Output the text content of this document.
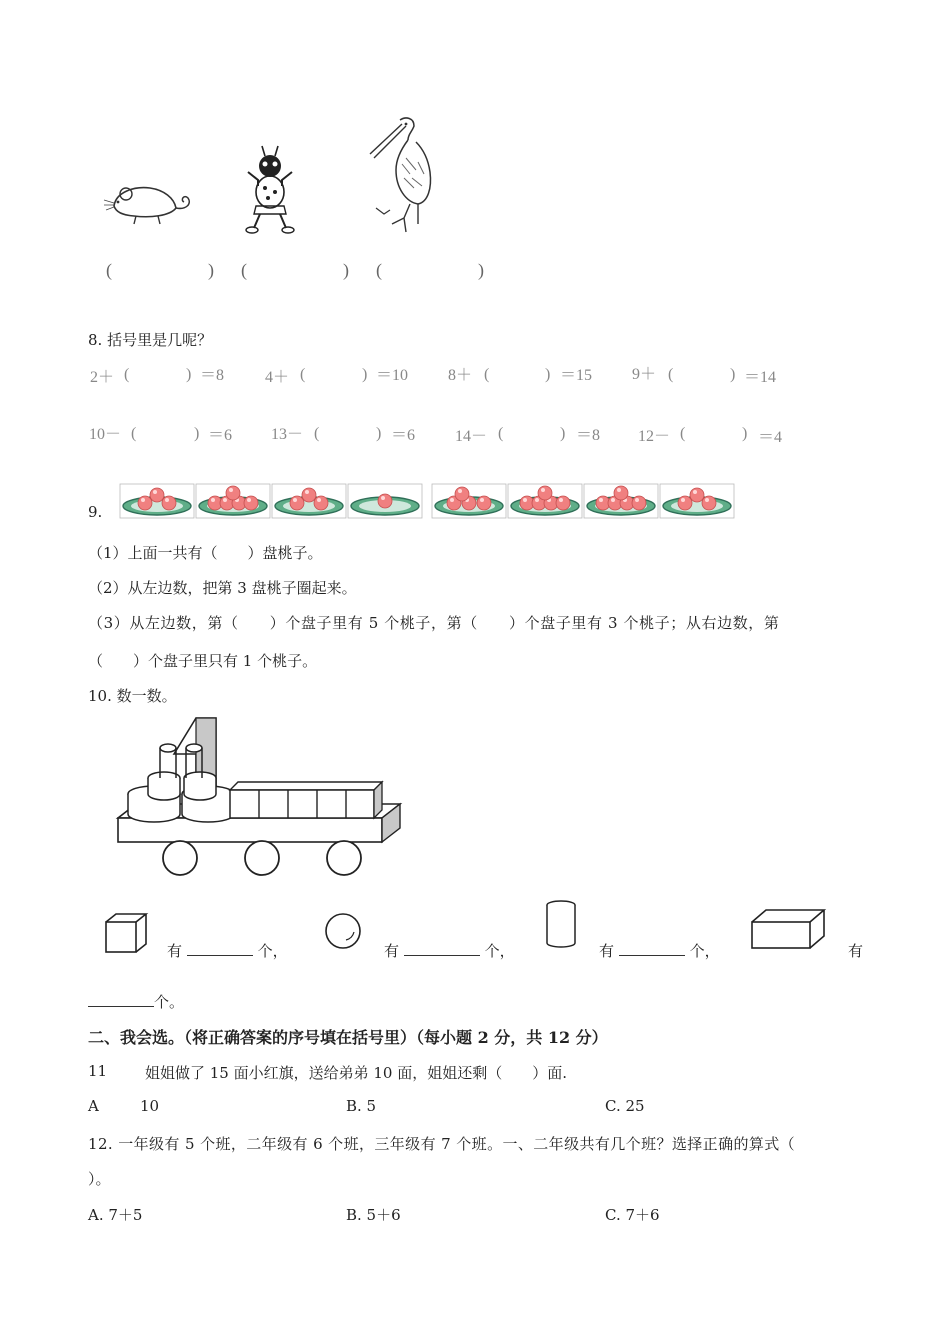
(　　) (　　) (　　)
8. 括号里是几呢？
2＋ (	) ＝8	4＋ (	) ＝10 8＋ (	) ＝15 9＋ (	) ＝14
10－ (	) ＝6 13－ (	) ＝6 14－ (	) ＝8 12－ (	) ＝4
9.
（1）上面一共有（　　）盘桃子。
（2）从左边数，把第 3 盘桃子圈起来。
（3）从左边数，第（　　）个盘子里有 5 个桃子，第（　　）个盘子里有 3 个桃子；从右边数，第
（　　）个盘子里只有 1 个桃子。
10. 数一数。
有	个，	有	个，	有	个，	有
个。
二、我会选。（将正确答案的序号填在括号里）（每小题 2 分，共 12 分）
11	姐姐做了 15 面小红旗，送给弟弟 10 面，姐姐还剩（　　）面.
A	10	B. 5	C. 25
12. 一年级有 5 个班，二年级有 6 个班，三年级有 7 个班。一、二年级共有几个班？选择正确的算式（
）。
A. 7＋5	B. 5＋6	C. 7＋6
